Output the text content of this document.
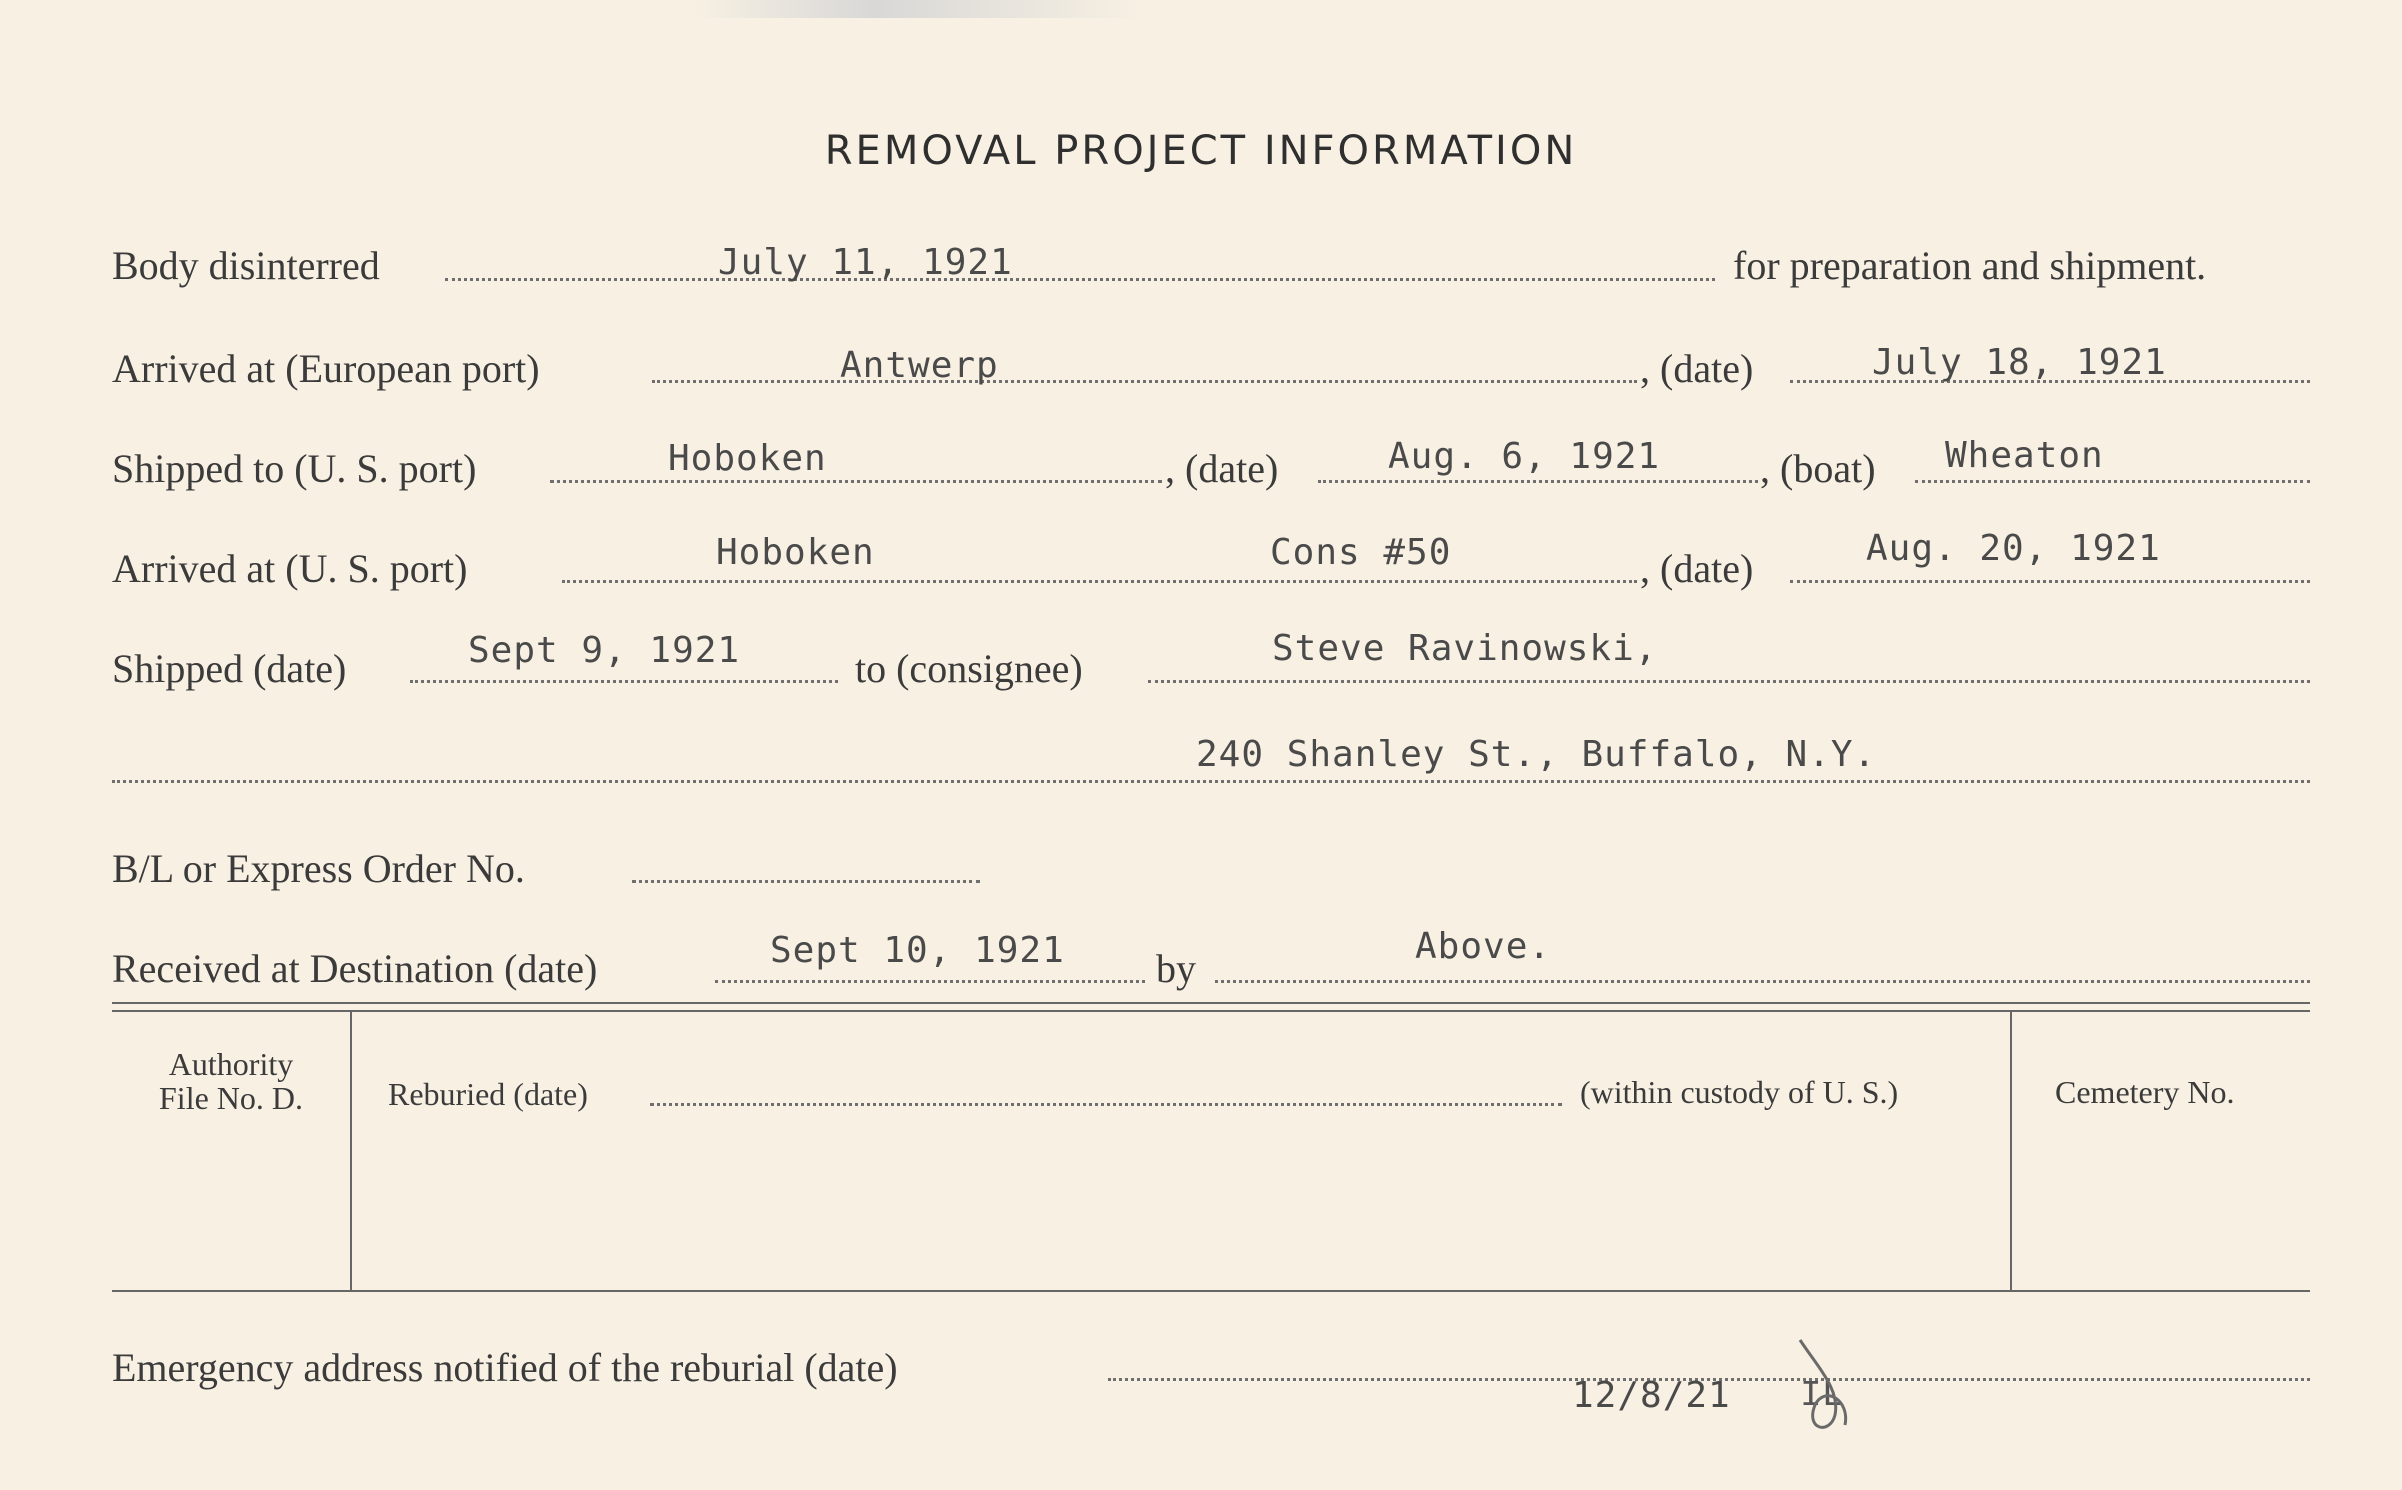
REMOVAL PROJECT INFORMATION
Body disinterred	July 11, 1921	for preparation and shipment.
Arrived at (European port)	Antwerp	, (date)	July 18, 1921
Shipped to (U. S. port)	Hoboken	, (date)	Aug. 6, 1921 , (boat) Wheaton
Arrived at (U. S. port)	Hoboken	Cons #50	, (date)	Aug. 20, 1921
Shipped (date)	Sept 9, 1921	to (consignee)	Steve Ravinowski,
240 Shanley St., Buffalo, N.Y.
B/L or Express Order No.
Received at Destination (date)	Sept 10, 1921 by	Above.
Authority
File No. D.	Reburied (date)	(within custody of U. S.)	Cemetery No.
Emergency address notified of the reburial (date)
12/8/21 IL
